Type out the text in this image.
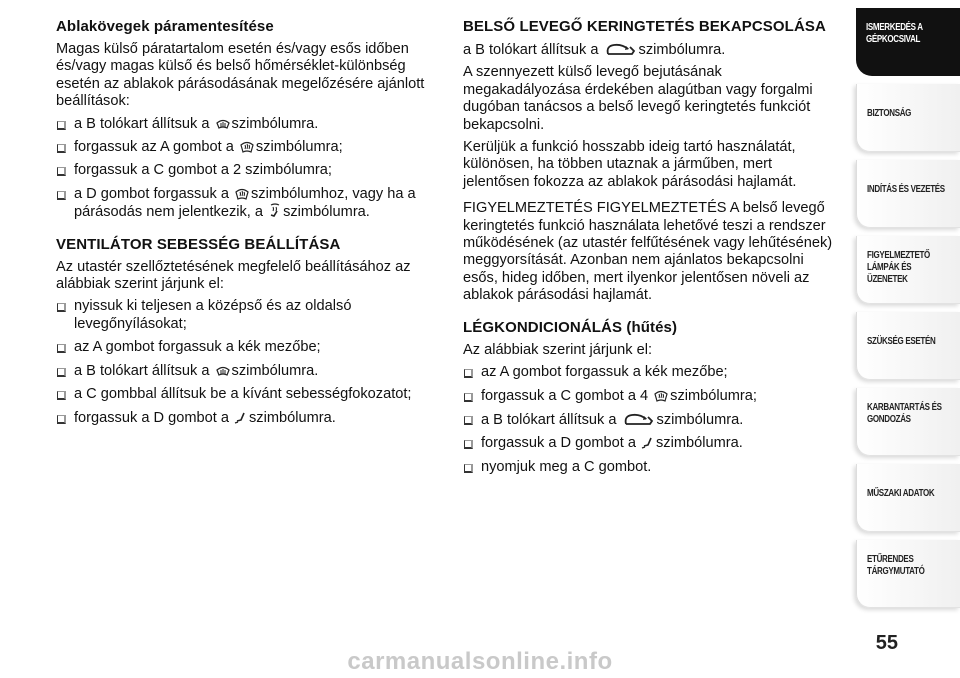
Ablakövegek páramentesítése

Magas külső páratartalom esetén és/vagy esős időben és/vagy magas külső és belső hőmérséklet-különbség esetén az ablakok párásodásának megelőzésére ajánlott beállítások:

a B tolókart állítsuk a szimbólumra.
forgassuk az A gombot a szimbólumra;
forgassuk a C gombot a 2 szimbólumra;
a D gombot forgassuk a szimbólumhoz, vagy ha a párásodás nem jelentkezik, a szimbólumra.
VENTILÁTOR SEBESSÉG BEÁLLÍTÁSA

Az utastér szellőztetésének megfelelő beállításához az alábbiak szerint járjunk el:

nyissuk ki teljesen a középső és az oldalsó levegőnyílásokat;
az A gombot forgassuk a kék mezőbe;
a B tolókart állítsuk a szimbólumra.
a C gombbal állítsuk be a kívánt sebességfokozatot;
forgassuk a D gombot a szimbólumra.
BELSŐ LEVEGŐ KERINGTETÉS BEKAPCSOLÁSA

a B tolókart állítsuk a szimbólumra.

A szennyezett külső levegő bejutásának megakadályozása érdekében alagútban vagy forgalmi dugóban tanácsos a belső levegő keringtetés funkciót bekapcsolni.

Kerüljük a funkció hosszabb ideig tartó használatát, különösen, ha többen utaznak a járműben, mert jelentősen fokozza az ablakok párásodási hajlamát.

FIGYELMEZTETÉS FIGYELMEZTETÉS A belső levegő keringtetés funkció használata lehetővé teszi a rendszer működésének (az utastér felfűtésének vagy lehűtésének) meggyorsítását. Azonban nem ajánlatos bekapcsolni esős, hideg időben, mert ilyenkor jelentősen növeli az ablakok párásodási hajlamát.

LÉGKONDICIONÁLÁS (hűtés)

Az alábbiak szerint járjunk el:

az A gombot forgassuk a kék mezőbe;
forgassuk a C gombot a 4 szimbólumra;
a B tolókart állítsuk a szimbólumra.
forgassuk a D gombot a szimbólumra.
nyomjuk meg a C gombot.
ISMERKEDÉS A
GÉPKOCSIVAL
BIZTONSÁG
INDÍTÁS ÉS VEZETÉS
FIGYELMEZTETŐ
LÁMPÁK ÉS
ÜZENETEK
SZÜKSÉG ESETÉN
KARBANTARTÁS ÉS
GONDOZÁS
MŰSZAKI ADATOK
ETŰRENDES
TÁRGYMUTATÓ
55
carmanualsonline.info
